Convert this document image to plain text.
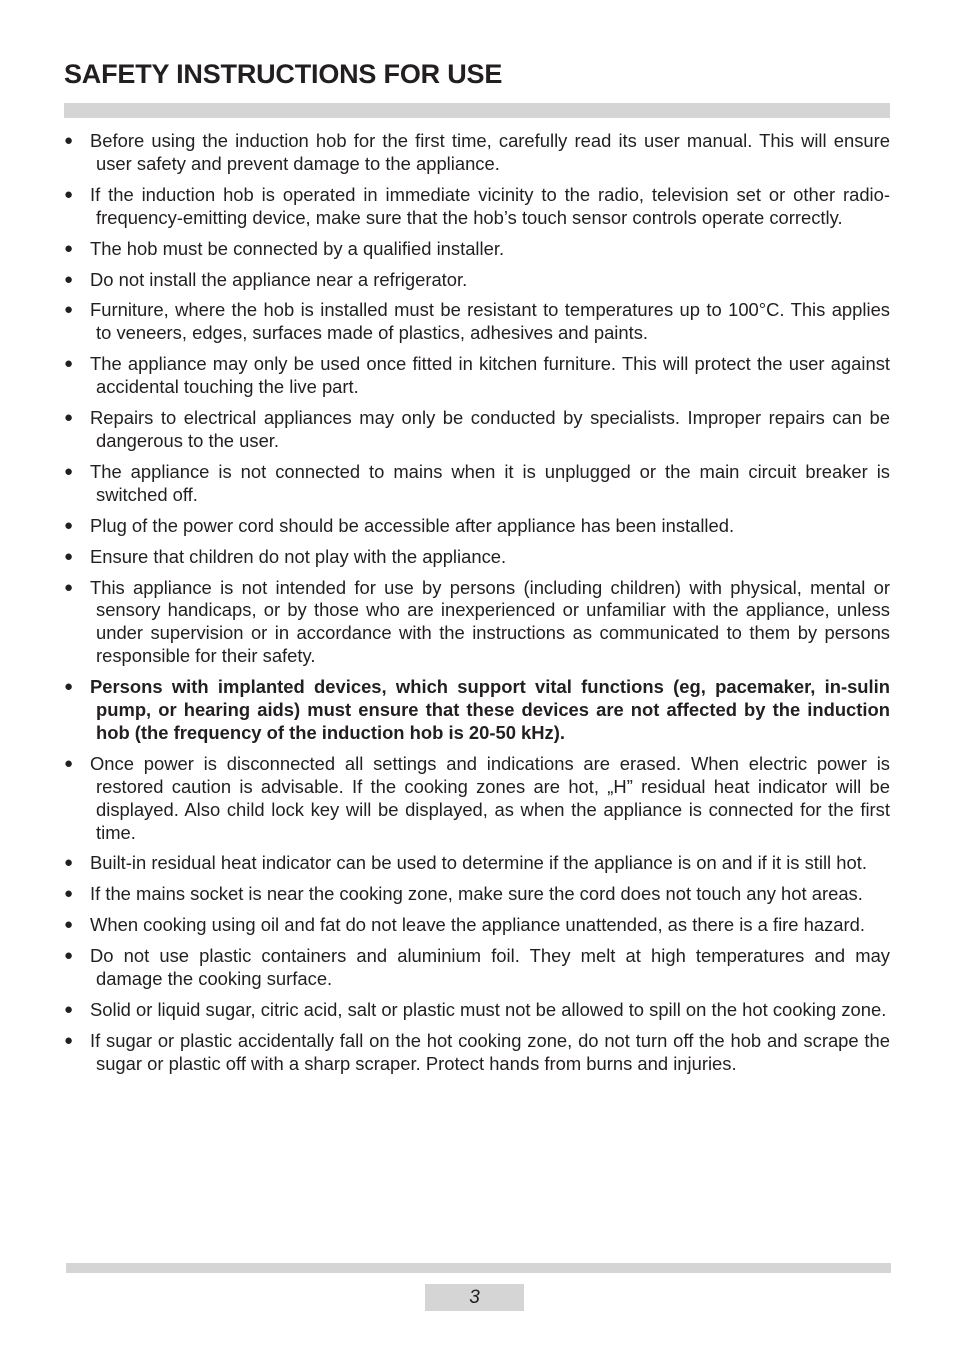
SAFETY INSTRUCTIONS FOR USE
● Before using the induction hob for the first time, carefully read its user manual. This will ensure user safety and prevent damage to the appliance.
● If the induction hob is operated in immediate vicinity to the radio, television set or other radio-frequency-emitting device, make sure that the hob’s touch sensor controls operate correctly.
● The hob must be connected by a qualified installer.
● Do not install the appliance near a refrigerator.
● Furniture, where the hob is installed must be resistant to temperatures up to 100°C. This applies to veneers, edges, surfaces made of plastics, adhesives and paints.
● The appliance may only be used once fitted in kitchen furniture. This will protect the user against accidental touching the live part.
● Repairs to electrical appliances may only be conducted by specialists. Improper repairs can be dangerous to the user.
● The appliance is not connected to mains when it is unplugged or the main circuit breaker is switched off.
● Plug of the power cord should be accessible after appliance has been installed.
● Ensure that children do not play with the appliance.
● This appliance is not intended for use by persons (including children) with physical, mental or sensory handicaps, or by those who are inexperienced or unfamiliar with the appliance, unless under supervision or in accordance with the instructions as communicated to them by persons responsible for their safety.
● Persons with implanted devices, which support vital functions (eg, pacemaker, in-sulin pump, or hearing aids) must ensure that these devices are not affected by the induction hob (the frequency of the induction hob is 20-50 kHz).
● Once power is disconnected all settings and indications are erased. When electric power is restored caution is advisable. If the cooking zones are hot, „H” residual heat indicator will be displayed. Also child lock key will be displayed, as when the appliance is connected for the first time.
● Built-in residual heat indicator can be used to determine if the appliance is on and if it is still hot.
● If the mains socket is near the cooking zone, make sure the cord does not touch any hot areas.
● When cooking using oil and fat do not leave the appliance unattended, as there is a fire hazard.
● Do not use plastic containers and aluminium foil. They melt at high temperatures and may damage the cooking surface.
● Solid or liquid sugar, citric acid, salt or plastic must not be allowed to spill on the hot cooking zone.
● If sugar or plastic accidentally fall on the hot cooking zone, do not turn off the hob and scrape the sugar or plastic off with a sharp scraper. Protect hands from burns and injuries.
3
